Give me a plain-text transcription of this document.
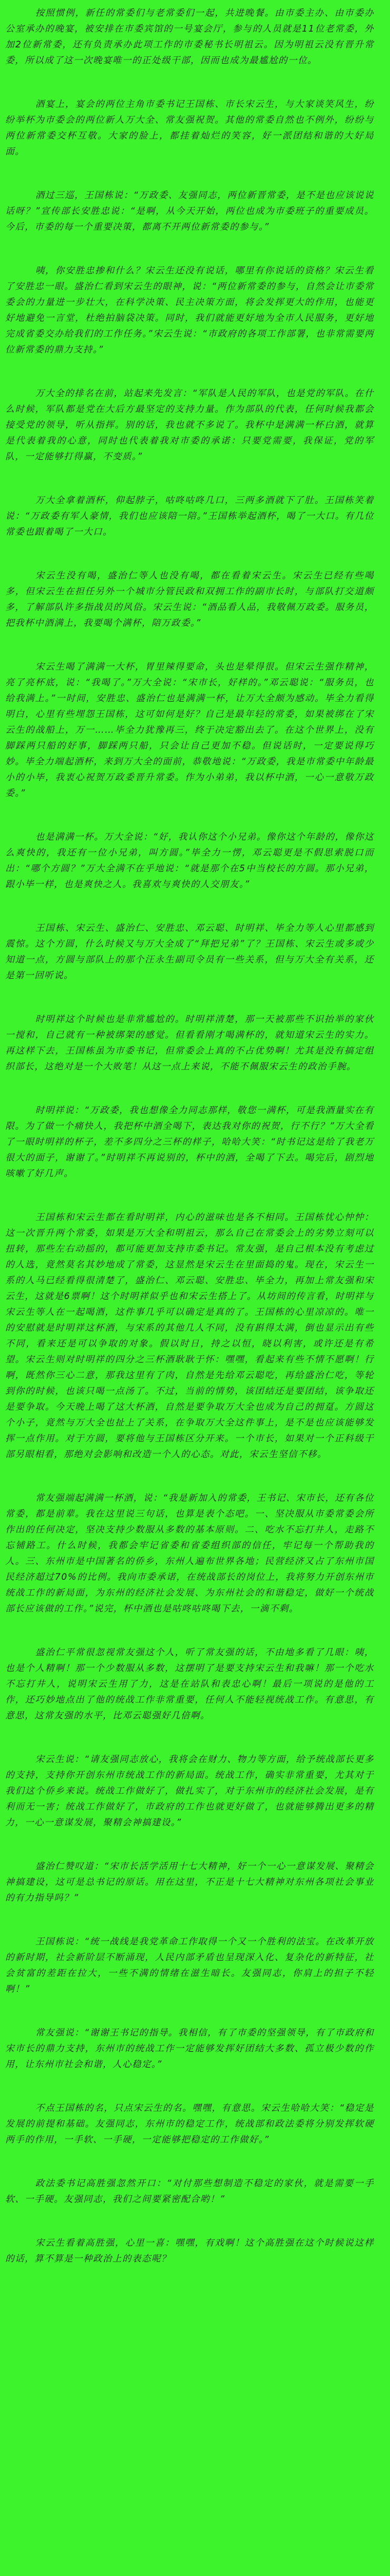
按照惯例，新任的常委们与老常委们一起，共进晚餐。由市委主办、由市委办公室承办的晚宴，被安排在市委宾馆的一号宴会厅，参与的人员就是11位老常委，外加2位新常委，还有负责承办此项工作的市委秘书长明祖云。因为明祖云没有晋升常委，所以成了这一次晚宴唯一的正处级干部，因而也成为最尴尬的一位。

酒宴上，宴会的两位主角市委书记王国栋、市长宋云生，与大家谈笑风生，纷纷举杯为市委会的两位新人万大全、常友强祝贺。其他的常委自然也不例外，纷纷与两位新常委交杯互敬。大家的脸上，都挂着灿烂的笑容，好一派团结和谐的大好局面。

酒过三巡，王国栋说：“万政委、友强同志，两位新晋常委，是不是也应该说说话呀？”宣传部长安胜忠说：“是啊，从今天开始，两位也成为市委班子的重要成员。今后，市委的每一个重要决策，都离不开两位新常委的参与。”

咦，你安胜忠掺和什么？宋云生还没有说话，哪里有你说话的资格？宋云生看了安胜忠一眼。盛治仁看到宋云生的眼神，说：“两位新常委的参与，自然会让市委常委会的力量进一步壮大，在科学决策、民主决策方面，将会发挥更大的作用，也能更好地避免一言堂，杜绝拍脑袋决策。同时，我们就能更好地为全市人民服务，更好地完成省委交办给我们的工作任务。”宋云生说：“市政府的各项工作部署，也非常需要两位新常委的鼎力支持。”

万大全的排名在前，站起来先发言：“军队是人民的军队，也是党的军队。在什么时候，军队都是党在大后方最坚定的支持力量。作为部队的代表，任何时候我都会接受党的领导，听从指挥。别的话，我也就不多说了。我杯中是满满一杯白酒，就算是代表着我的心意，同时也代表着我对市委的承诺：只要党需要，我保证，党的军队，一定能够打得赢，不变质。”

万大全拿着酒杯，仰起脖子，咕咚咕咚几口，三两多酒就下了肚。王国栋笑着说：“万政委有军人豪情，我们也应该陪一陪。”王国栋举起酒杯，喝了一大口。有几位常委也跟着喝了一大口。

宋云生没有喝，盛治仁等人也没有喝，都在看着宋云生。宋云生已经有些喝多，但宋云生在担任另外一个城市分管民政和双拥工作的副市长时，与部队打交道颇多，了解部队许多指战员的风俗。宋云生说：“酒品看人品，我敬佩万政委。服务员，把我杯中酒满上，我要喝个满杯，陪万政委。”

宋云生喝了满满一大杯，胃里辣得要命，头也是晕得很。但宋云生强作精神，亮了亮杯底，说：“我喝了。”万大全说：“宋市长，好样的。”邓云聪说：“服务员，也给我满上。”一时间，安胜忠、盛治仁也是满满一杯，让万大全颇为感动。毕全力看得明白，心里有些埋怨王国栋，这可如何是好？自己是最年轻的常委，如果被绑在了宋云生的战船上，万一……毕全力犹豫再三，终于决定豁出去了。在这个世界上，没有脚踩两只船的好事，脚踩两只船，只会让自己更加不稳。但说话时，一定要说得巧妙。毕全力端起酒杯，来到万大全的面前，恭敬地说：“万政委，我是市常委中年龄最小的小毕，我衷心祝贺万政委晋升常委。作为小弟弟，我以杯中酒，一心一意敬万政委。”

也是满满一杯。万大全说：“好，我认你这个小兄弟。像你这个年龄的，像你这么爽快的，我还有一位小兄弟，叫方圆。”毕全力一愣，邓云聪更是不假思索脱口而出：“哪个方圆？”万大全满不在乎地说：“就是那个在5中当校长的方圆。那小兄弟，跟小毕一样，也是爽快之人。我喜欢与爽快的人交朋友。”

王国栋、宋云生、盛治仁、安胜忠、邓云聪、时明祥、毕全力等人心里都感到震惊。这个方圆，什么时候又与万大全成了“拜把兄弟”了？王国栋、宋云生或多或少知道一点，方圆与部队上的那个汪永生副司令员有一些关系，但与万大全有关系，还是第一回听说。

时明祥这个时候也是非常尴尬的。时明祥清楚，那一天被那些不识抬举的家伙一搅和，自己就有一种被绑架的感觉。但看看刚才喝满杯的，就知道宋云生的实力。再这样下去，王国栋虽为市委书记，但常委会上真的不占优势啊！尤其是没有搞定组织部长，这绝对是一个大败笔！从这一点上来说，不能不佩服宋云生的政治手腕。

时明祥说：“万政委，我也想像全力同志那样，敬您一满杯，可是我酒量实在有限。为了做一个痛快人，我把杯中酒全喝下，表达我对你的祝贺，行不行？”万大全看了一眼时明祥的杯子，差不多四分之三杯的样子，哈哈大笑：“时书记这是给了我老万很大的面子，谢谢了。”时明祥不再说别的，杯中的酒，全喝了下去。喝完后，剧烈地咳嗽了好几声。

王国栋和宋云生都在看时明祥，内心的滋味也是各不相同。王国栋忧心忡忡：这一次晋升两个常委，如果是万大全和明祖云，那么自己在常委会上的劣势立刻可以扭转，那些左右动摇的，都可能更加支持市委书记。常友强，是自己根本没有考虑过的人选，竟然莫名其妙地成了常委，这显然是宋云生在里面捣的鬼。现在，宋云生一系的人马已经看得很清楚了，盛治仁、邓云聪、安胜忠、毕全力，再加上常友强和宋云生，这就是6票啊！这个时明祥似乎也和宋云生搭上了。从坊间的传言看，时明祥与宋云生等人在一起喝酒，这件事几乎可以确定是真的了。王国栋的心里凉凉的。唯一的安慰就是时明祥这杯酒，与宋系的其他几人不同，没有斟得太满，倒也显示出有些不同，看来还是可以争取的对象。假以时日，持之以恒，晓以利害，或许还是有希望。宋云生则对时明祥的四分之三杯酒耿耿于怀：嘿嘿，看起来有些不情不愿啊！行啊，既然你三心二意，那我这里有了肉，自然是先给邓云聪吃，再给盛治仁吃，等轮到你的时候，也该只喝一点汤了。不过，当前的情势，该团结还是要团结，该争取还是要争取。今天晚上喝了这大杯酒，自然是要争取万大全也成为自己的拥趸。方圆这个小子，竟然与万大全也扯上了关系，在争取万大全这件事上，是不是也应该能够发挥一点作用。对于方圆，要将他与王国栋区分开来。一个市长，如果对一个正科级干部另眼相看，那绝对会影响和改造一个人的心态。对此，宋云生坚信不移。

常友强端起满满一杯酒，说：“我是新加入的常委，王书记、宋市长，还有各位常委，都是前辈。我在这里说三句话，也算是表个态吧。一、坚决服从市委常委会所作出的任何决定，坚决支持少数服从多数的基本原则。二、吃水不忘打井人，走路不忘铺路工。什么时候，我都会牢记省委和省委组织部的信任，牢记每一个帮助我的人。三、东州市是中国著名的侨乡，东州人遍布世界各地；民营经济又占了东州市国民经济超过70%的比例。我向市委承诺，在统战部长的岗位上，我将努力开创东州市统战工作的新局面，为东州的经济社会发展、为东州社会的和谐稳定，做好一个统战部长应该做的工作。”说完，杯中酒也是咕咚咕咚喝下去，一滴不剩。

盛治仁平常很忽视常友强这个人，听了常友强的话，不由地多看了几眼：咦，也是个人精啊！那一个少数服从多数，这摆明了是要支持宋云生和我嘛！那一个吃水不忘打井人，说明宋云生用了力，这是在站队和表忠心啊！最后一项说的是他的工作，还巧妙地点出了他的统战工作非常重要，任何人不能轻视统战工作。有意思，有意思，这常友强的水平，比邓云聪强好几倍啊。

宋云生说：“请友强同志放心，我将会在财力、物力等方面，给予统战部长更多的支持，支持你开创东州市统战工作的新局面。统战工作，确实非常重要，尤其对于我们这个侨乡来说。统战工作做好了，做扎实了，对于东州市的经济社会发展，是有利而无一害；统战工作做好了，市政府的工作也就更好做了，也就能够腾出更多的精力，一心一意谋发展，聚精会神搞建设。”

盛治仁赞叹道：“宋市长活学活用十七大精神，好一个一心一意谋发展、聚精会神搞建设，这可是总书记的原话。用在这里，不正是十七大精神对东州各项社会事业的有力指导吗？”

王国栋说：“统一战线是我党革命工作取得一个又一个胜利的法宝。在改革开放的新时期，社会新阶层不断涌现，人民内部矛盾也呈现深入化、复杂化的新特征，社会贫富的差距在拉大，一些不满的情绪在滋生暗长。友强同志，你肩上的担子不轻啊！”

常友强说：“谢谢王书记的指导。我相信，有了市委的坚强领导，有了市政府和宋市长的鼎力支持，东州市的统战工作一定能够发挥好团结大多数、孤立极少数的作用，让东州市社会和谐，人心稳定。”

不点王国栋的名，只点宋云生的名。嘿嘿，有意思。宋云生哈哈大笑：“稳定是发展的前提和基础。友强同志，东州市的稳定工作，统战部和政法委将分别发挥软硬两手的作用，一手软、一手硬，一定能够把稳定的工作做好。”

政法委书记高胜强忽然开口：“对付那些想制造不稳定的家伙，就是需要一手软、一手硬。友强同志，我们之间要紧密配合哟！”

宋云生看着高胜强，心里一喜：嘿嘿，有戏啊！这个高胜强在这个时候说这样的话，算不算是一种政治上的表态呢？
